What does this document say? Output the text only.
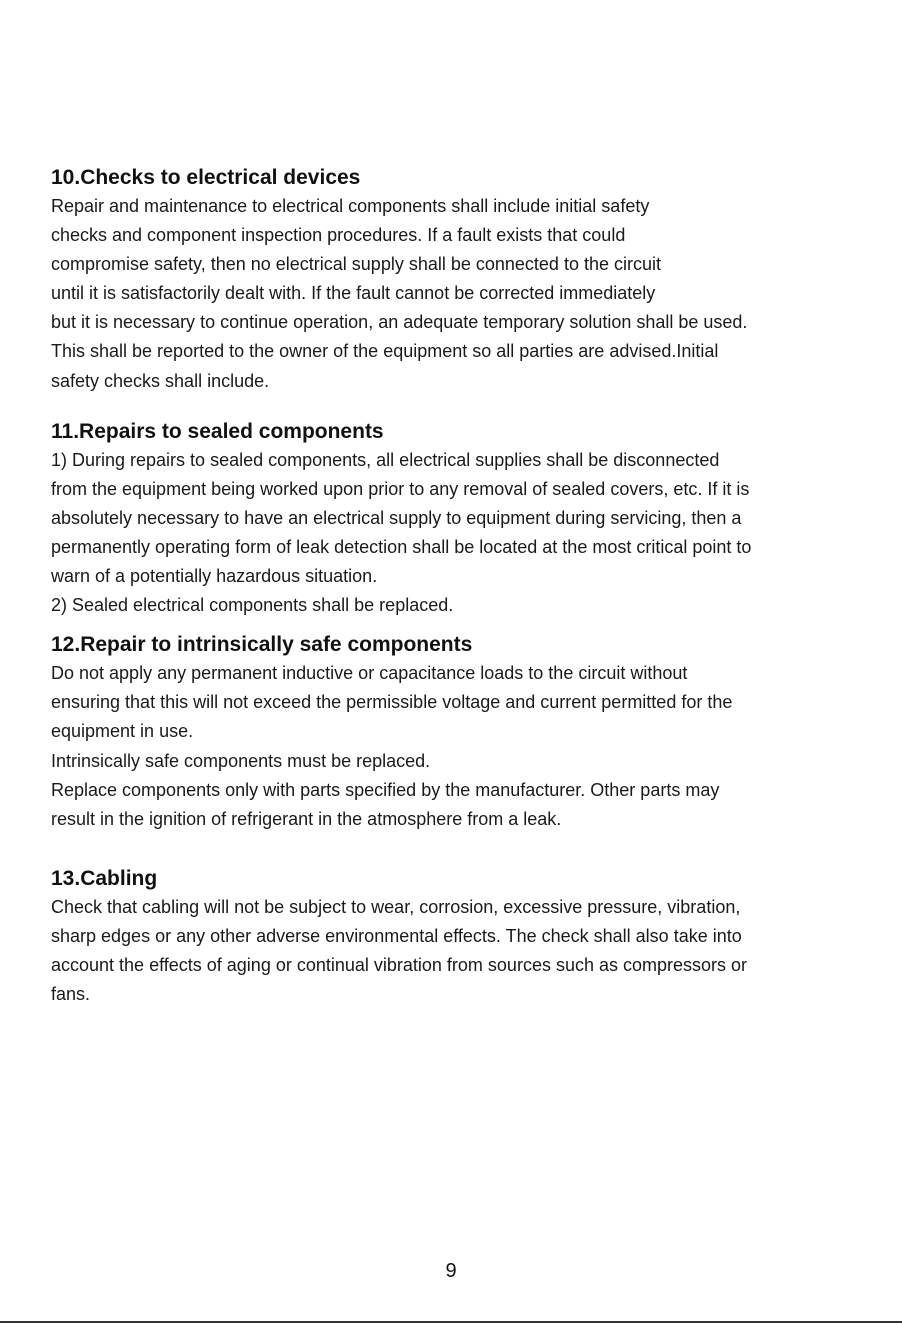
10.Checks to electrical devices

Repair and maintenance to electrical components shall include initial safety

checks and component inspection procedures. If a fault exists that could

compromise safety, then no electrical supply shall be connected to the circuit

until it is satisfactorily dealt with. If the fault cannot be corrected immediately

but it is necessary to continue operation, an adequate temporary solution shall be used.

This shall be reported to the owner of the equipment so all parties are advised.Initial

safety checks shall include.

11.Repairs to sealed components

1) During repairs to sealed components, all electrical supplies shall be disconnected

from the equipment being worked upon prior to any removal of sealed covers, etc. If it is

absolutely necessary to have an electrical supply to equipment during servicing, then a

permanently operating form of leak detection shall be located at the most critical point to

warn of a potentially hazardous situation.

2) Sealed electrical components shall be replaced.

12.Repair to intrinsically safe components

Do not apply any permanent inductive or capacitance loads to the circuit without

ensuring that this will not exceed the permissible voltage and current permitted for the

equipment in use.

Intrinsically safe components must be replaced.

Replace components only with parts specified by the manufacturer. Other parts may

result in the ignition of refrigerant in the atmosphere from a leak.

13.Cabling

Check that cabling will not be subject to wear, corrosion, excessive pressure, vibration,

sharp edges or any other adverse environmental effects. The check shall also take into

account the effects of aging or continual vibration from sources such as compressors or

fans.

9
